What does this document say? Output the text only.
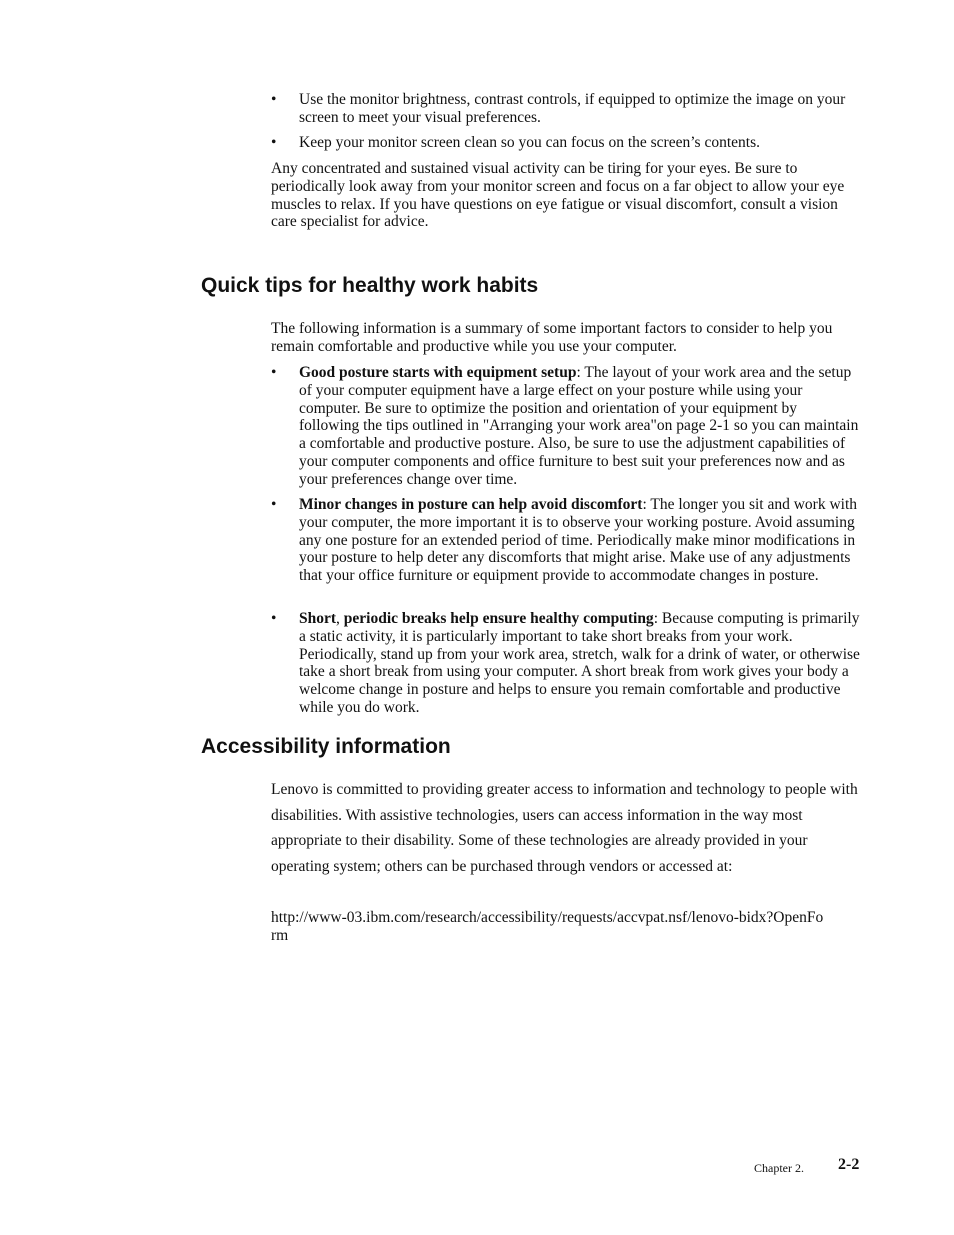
•	Use the monitor brightness, contrast controls, if equipped to optimize the image on your screen to meet your visual preferences.
•	Keep your monitor screen clean so you can focus on the screen’s contents.

Any concentrated and sustained visual activity can be tiring for your eyes. Be sure to periodically look away from your monitor screen and focus on a far object to allow your eye muscles to relax. If you have questions on eye fatigue or visual discomfort, consult a vision care specialist for advice.

Quick tips for healthy work habits

The following information is a summary of some important factors to consider to help you remain comfortable and productive while you use your computer.

•	Good posture starts with equipment setup: The layout of your work area and the setup of your computer equipment have a large effect on your posture while using your computer. Be sure to optimize the position and orientation of your equipment by following the tips outlined in "Arranging your work area"on page 2-1 so you can maintain a comfortable and productive posture. Also, be sure to use the adjustment capabilities of your computer components and office furniture to best suit your preferences now and as your preferences change over time.
•	Minor changes in posture can help avoid discomfort: The longer you sit and work with your computer, the more important it is to observe your working posture. Avoid assuming any one posture for an extended period of time. Periodically make minor modifications in your posture to help deter any discomforts that might arise. Make use of any adjustments that your office furniture or equipment provide to accommodate changes in posture.
•	Short, periodic breaks help ensure healthy computing: Because computing is primarily a static activity, it is particularly important to take short breaks from your work. Periodically, stand up from your work area, stretch, walk for a drink of water, or otherwise take a short break from using your computer. A short break from work gives your body a welcome change in posture and helps to ensure you remain comfortable and productive while you do work.
Accessibility information

Lenovo is committed to providing greater access to information and technology to people with disabilities. With assistive technologies, users can access information in the way most appropriate to their disability. Some of these technologies are already provided in your operating system; others can be purchased through vendors or accessed at:

http://www-03.ibm.com/research/accessibility/requests/accvpat.nsf/lenovo-bidx?OpenForm

Chapter 2. 2-2
